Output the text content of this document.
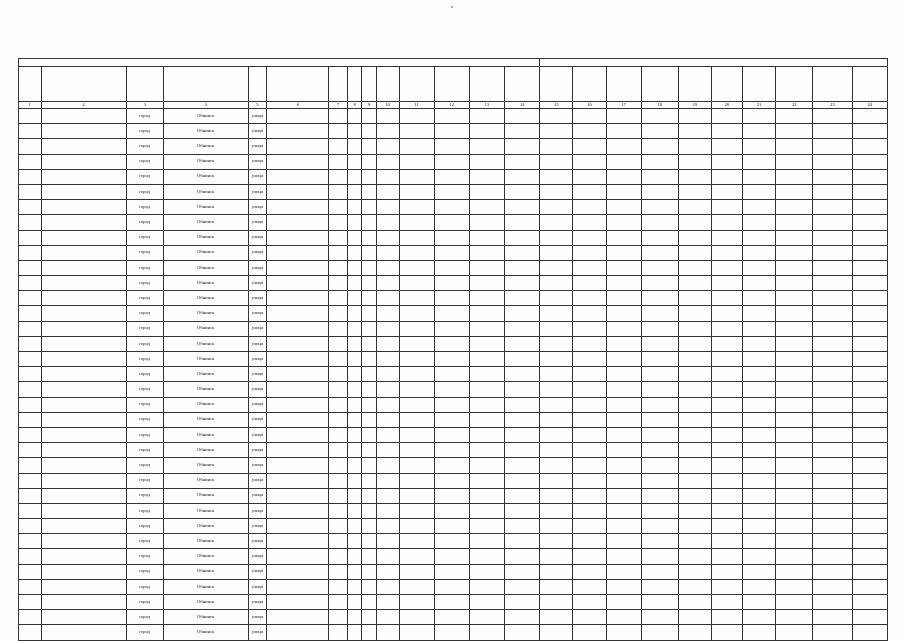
1	2	3	4	5	6	7	8	9	10	11	12	13	14	15	16	17	18	19	20	21	22	23	24
		город	Обнинск	улица																			
		город	Обнинск	улица																			
		город	Обнинск	улица																			
		город	Обнинск	улица																			
		город	Обнинск	улица																			
		город	Обнинск	улица																			
		город	Обнинск	улица																			
		город	Обнинск	улица																			
		город	Обнинск	улица																			
		город	Обнинск	улица																			
		город	Обнинск	улица																			
		город	Обнинск	улица																			
		город	Обнинск	улица																			
		город	Обнинск	улица																			
		город	Обнинск	улица																			
		город	Обнинск	улица																			
		город	Обнинск	улица																			
		город	Обнинск	улица																			
		город	Обнинск	улица																			
		город	Обнинск	улица																			
		город	Обнинск	улица																			
		город	Обнинск	улица																			
		город	Обнинск	улица																			
		город	Обнинск	улица																			
		город	Обнинск	улица																			
		город	Обнинск	улица																			
		город	Обнинск	улица																			
		город	Обнинск	улица																			
		город	Обнинск	улица																			
		город	Обнинск	улица																			
		город	Обнинск	улица																			
		город	Обнинск	улица																			
		город	Обнинск	улица																			
		город	Обнинск	улица																			
		город	Обнинск	улица																			
